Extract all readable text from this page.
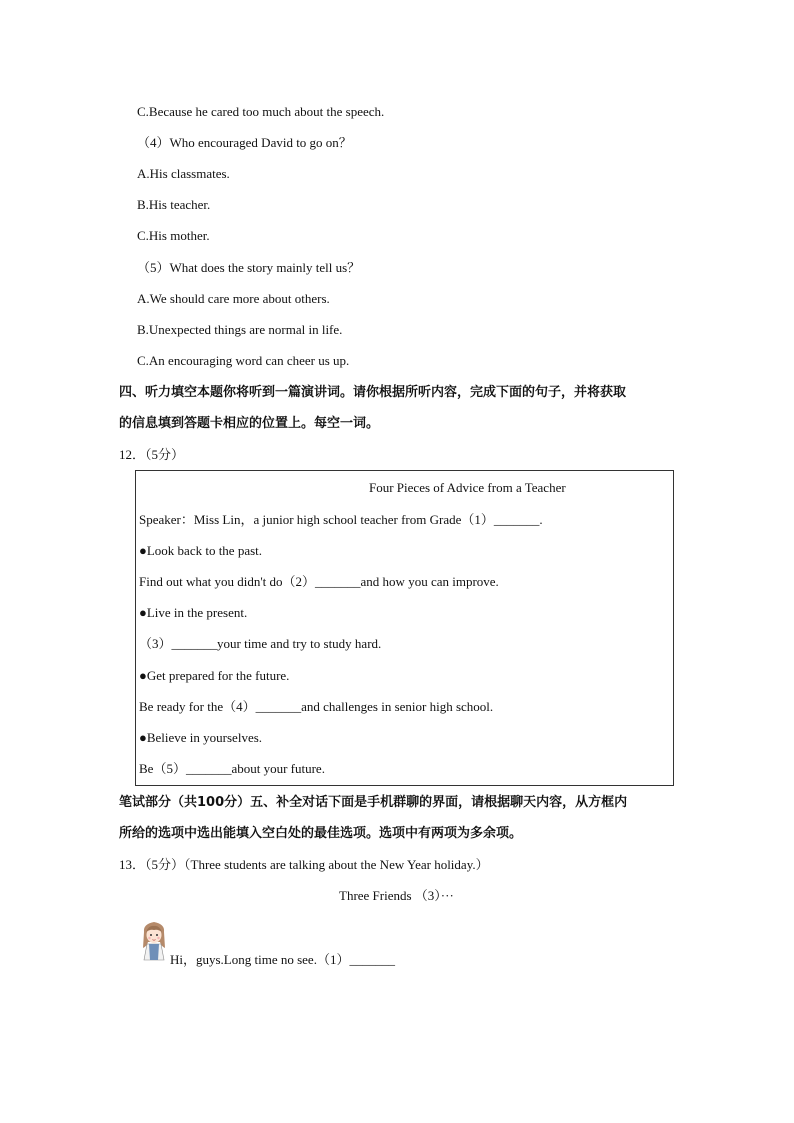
C.Because he cared too much about the speech.
（4）Who encouraged David to go on？
A.His classmates.
B.His teacher.
C.His mother.
（5）What does the story mainly tell us？
A.We should care more about others.
B.Unexpected things are normal in life.
C.An encouraging word can cheer us up.
四、听力填空本题你将听到一篇演讲词。请你根据所听内容，完成下面的句子，并将获取
的信息填到答题卡相应的位置上。每空一词。
12．（5分）
Four Pieces of Advice from a Teacher
Speaker：Miss Lin，a junior high school teacher from Grade（1）_______.
●Look back to the past.
Find out what you didn't do（2）_______and how you can improve.
●Live in the present.
（3）_______your time and try to study hard.
●Get prepared for the future.
Be ready for the（4）_______and challenges in senior high school.
●Believe in yourselves.
Be（5）_______about your future.
笔试部分（共100分）五、补全对话下面是手机群聊的界面，请根据聊天内容，从方框内
所给的选项中选出能填入空白处的最佳选项。选项中有两项为多余项。
13．（5分）（Three students are talking about the New Year holiday.）
Three Friends （3）···
Hi，guys.Long time no see.（1）_______
